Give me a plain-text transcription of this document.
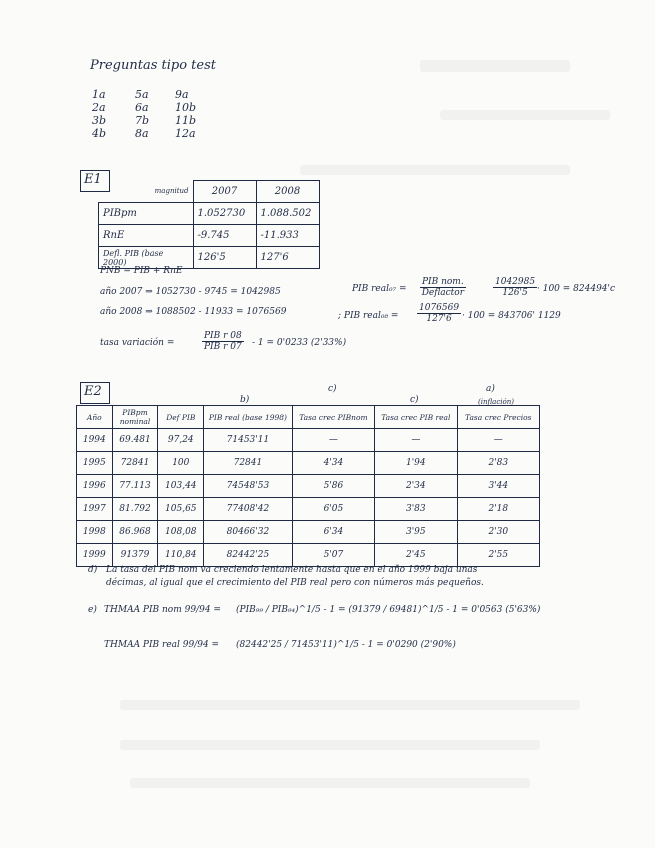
Preguntas tipo test
1a
2a
3b
4b
5a
6a
7b
8a
9a
10b
11b
12a
E1
magnitud	2007	2008
PIBpm	1.052730	1.088.502
RnE	-9.745	-11.933
Defl. PIB (base 2000)	126'5	127'6
PNB = PIB + RnE
año 2007 ⇒ 1052730 - 9745 = 1042985
año 2008 ⇒ 1088502 - 11933 = 1076569
PIB real₀₇ =
PIB nom.
Deflactor	$\frac{1042985}{126'5} \cdot 100 = 824494'c$
; PIB real₀₈ = $\frac{1076569}{127'6} \cdot 100 = 843706'$ 1129
tasa variación =
PIB r 08
PIB r 07 - 1 = 0'0233 (2'33%)
E2
b)
c)
c)
a)
(inflación)
Año	PIBpm nominal	Def PIB	PIB real (base 1998)	Tasa crec PIBnom	Tasa crec PIB real	Tasa crec Precios
1994	69.481	97,24	71453'11	—	—	—
1995	72841	100	72841	4'34	1'94	2'83
1996	77.113	103,44	74548'53	5'86	2'34	3'44
1997	81.792	105,65	77408'42	6'05	3'83	2'18
1998	86.968	108,08	80466'32	6'34	3'95	2'30
1999	91379	110,84	82442'25	5'07	2'45	2'55
d) La tasa del PIB nom va creciendo lentamente hasta que en el año 1999 baja unas
décimas, al igual que el crecimiento del PIB real pero con números más pequeños.
e) THMAA PIB nom 99/94 = (PIB₉₉ / PIB₉₄)^1/5 - 1 = (91379 / 69481)^1/5 - 1 = 0'0563 (5'63%)
THMAA PIB real 99/94 = (82442'25 / 71453'11)^1/5 - 1 = 0'0290 (2'90%)
